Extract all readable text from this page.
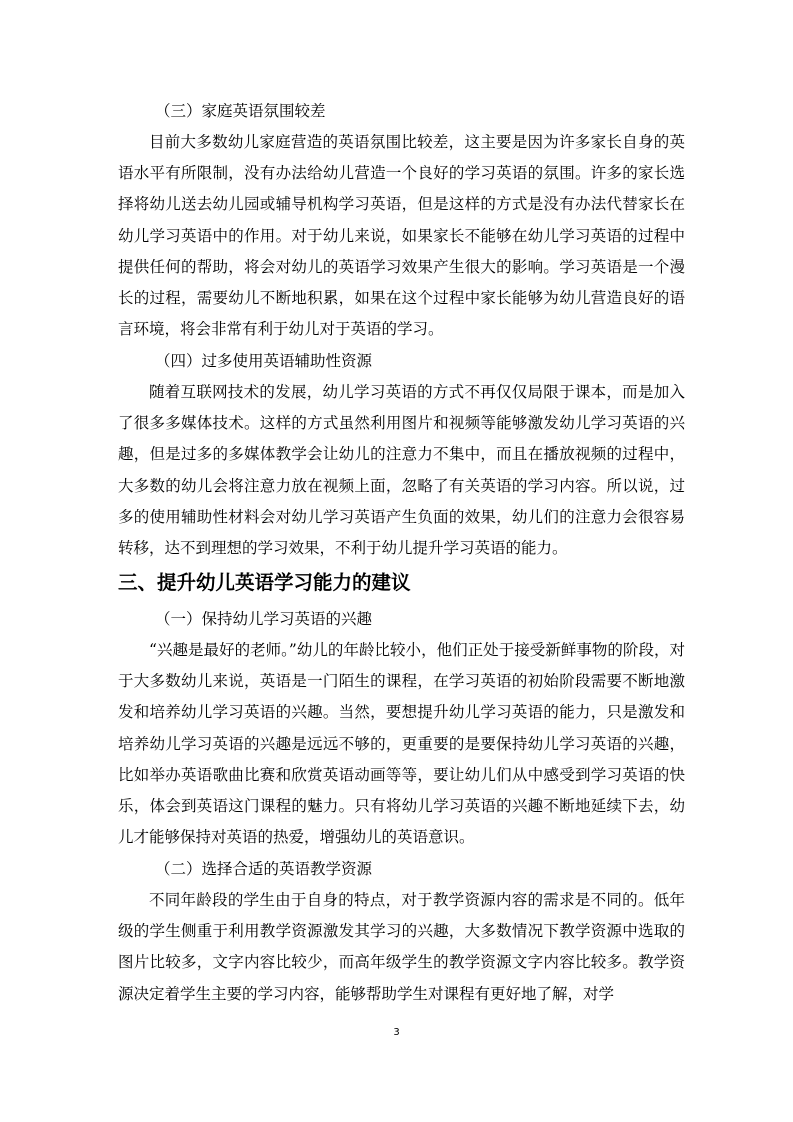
（三）家庭英语氛围较差

目前大多数幼儿家庭营造的英语氛围比较差，这主要是因为许多家长自身的英语水平有所限制，没有办法给幼儿营造一个良好的学习英语的氛围。许多的家长选择将幼儿送去幼儿园或辅导机构学习英语，但是这样的方式是没有办法代替家长在幼儿学习英语中的作用。对于幼儿来说，如果家长不能够在幼儿学习英语的过程中提供任何的帮助，将会对幼儿的英语学习效果产生很大的影响。学习英语是一个漫长的过程，需要幼儿不断地积累，如果在这个过程中家长能够为幼儿营造良好的语言环境，将会非常有利于幼儿对于英语的学习。

（四）过多使用英语辅助性资源

随着互联网技术的发展，幼儿学习英语的方式不再仅仅局限于课本，而是加入了很多多媒体技术。这样的方式虽然利用图片和视频等能够激发幼儿学习英语的兴趣，但是过多的多媒体教学会让幼儿的注意力不集中，而且在播放视频的过程中，大多数的幼儿会将注意力放在视频上面，忽略了有关英语的学习内容。所以说，过多的使用辅助性材料会对幼儿学习英语产生负面的效果，幼儿们的注意力会很容易转移，达不到理想的学习效果，不利于幼儿提升学习英语的能力。

三、提升幼儿英语学习能力的建议

（一）保持幼儿学习英语的兴趣

“兴趣是最好的老师。”幼儿的年龄比较小，他们正处于接受新鲜事物的阶段，对于大多数幼儿来说，英语是一门陌生的课程，在学习英语的初始阶段需要不断地激发和培养幼儿学习英语的兴趣。当然，要想提升幼儿学习英语的能力，只是激发和培养幼儿学习英语的兴趣是远远不够的，更重要的是要保持幼儿学习英语的兴趣，比如举办英语歌曲比赛和欣赏英语动画等等，要让幼儿们从中感受到学习英语的快乐，体会到英语这门课程的魅力。只有将幼儿学习英语的兴趣不断地延续下去，幼儿才能够保持对英语的热爱，增强幼儿的英语意识。

（二）选择合适的英语教学资源

不同年龄段的学生由于自身的特点，对于教学资源内容的需求是不同的。低年级的学生侧重于利用教学资源激发其学习的兴趣，大多数情况下教学资源中选取的图片比较多，文字内容比较少，而高年级学生的教学资源文字内容比较多。教学资源决定着学生主要的学习内容，能够帮助学生对课程有更好地了解，对学

3
